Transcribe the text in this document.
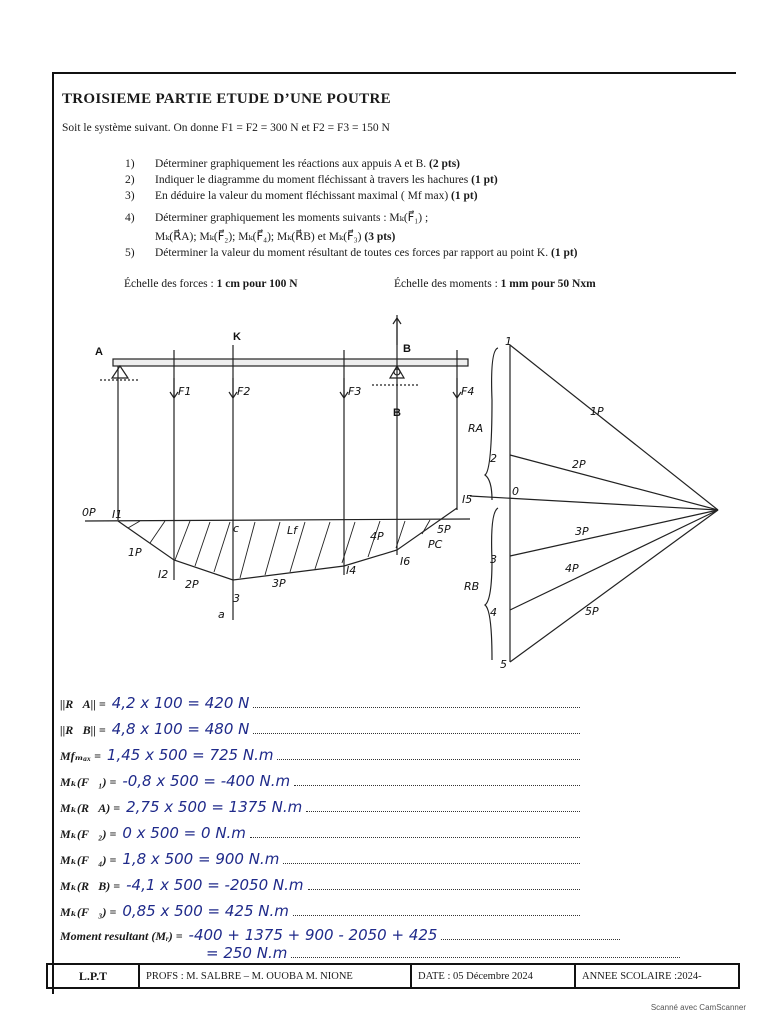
TROISIEME PARTIE ETUDE D’UNE POUTRE
Soit le système suivant. On donne F1 = F2 = 300 N et F2 = F3 = 150 N
1) Déterminer graphiquement les réactions aux appuis A et B. (2 pts)
2) Indiquer le diagramme du moment fléchissant à travers les hachures (1 pt)
3) En déduire la valeur du moment fléchissant maximal ( Mf max) (1 pt)
4) Déterminer graphiquement les moments suivants : Mₖ(F⃗₁) ;
Mₖ(R⃗A); Mₖ(F⃗₂); Mₖ(F⃗₄); Mₖ(R⃗B) et Mₖ(F⃗₃) (3 pts)
5) Déterminer la valeur du moment résultant de toutes ces forces par rapport au point K. (1 pt)
Échelle des forces : 1 cm pour 100 N	Échelle des moments : 1 mm pour 50 Nxm
A
K
B
B
F1	F2	F3	F4
0
1P
2P
3P
4P
5P
1
2
3
4
5
RA
RB
0P I1
1P
I2
2P	3P
I4
4P
I5
I6
5P
PC
Lf
a
3
c
||R⃗A|| = 4,2 x 100 = 420 N
||R⃗B|| = 4,8 x 100 = 480 N
Mfₘₐₓ = 1,45 x 500 = 725 N.m
Mₖ(F⃗₁) = -0,8 x 500 = -400 N.m
Mₖ(R⃗A) = 2,75 x 500 = 1375 N.m
Mₖ(F⃗₂) = 0 x 500 = 0 N.m
Mₖ(F⃗₄) = 1,8 x 500 = 900 N.m
Mₖ(R⃗B) = -4,1 x 500 = -2050 N.m
Mₖ(F⃗₃) = 0,85 x 500 = 425 N.m
Moment resultant (Mᵣ) = -400 + 1375 + 900 - 2050 + 425
= 250 N.m
L.P.T	PROFS : M. SALBRE – M. OUOBA M. NIONE	DATE : 05 Décembre 2024	ANNEE SCOLAIRE :2024-
Scanné avec CamScanner
